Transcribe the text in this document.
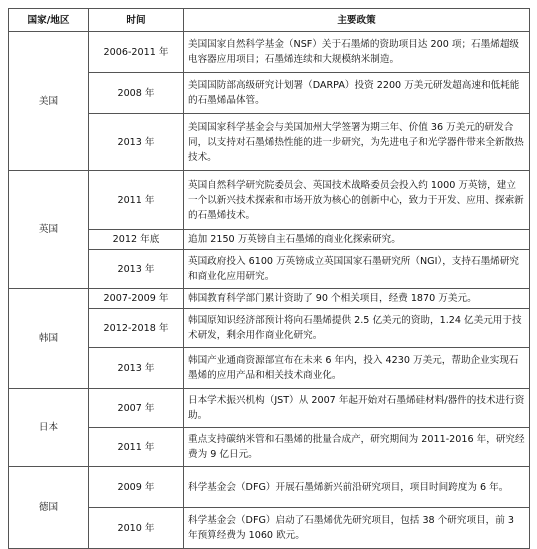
国家/地区	时间	主要政策
美国	2006-2011 年	美国国家自然科学基金（NSF）关于石墨烯的资助项目达 200 项；石墨烯超级电容器应用项目；石墨烯连续和大规模纳米制造。
	2008 年	美国国防部高级研究计划署（DARPA）投资 2200 万美元研发超高速和低耗能的石墨烯晶体管。
	2013 年	美国国家科学基金会与美国加州大学签署为期三年、价值 36 万美元的研发合同，以支持对石墨烯热性能的进一步研究，为先进电子和光学器件带来全新散热技术。
英国	2011 年	英国自然科学研究院委员会、英国技术战略委员会投入约 1000 万英镑，建立一个以新兴技术探索和市场开放为核心的创新中心，致力于开发、应用、探索新的石墨烯技术。
	2012 年底	追加 2150 万英镑自主石墨烯的商业化探索研究。
	2013 年	英国政府投入 6100 万英镑成立英国国家石墨研究所（NGI），支持石墨烯研究和商业化应用研究。
韩国	2007-2009 年	韩国教育科学部门累计资助了 90 个相关项目，经费 1870 万美元。
	2012-2018 年	韩国原知识经济部预计将向石墨烯提供 2.5 亿美元的资助，1.24 亿美元用于技术研发，剩余用作商业化研究。
	2013 年	韩国产业通商资源部宣布在未来 6 年内，投入 4230 万美元，帮助企业实现石墨烯的应用产品和相关技术商业化。
日本	2007 年	日本学术振兴机构（JST）从 2007 年起开始对石墨烯硅材料/器件的技术进行资助。
	2011 年	重点支持碳纳米管和石墨烯的批量合成产，研究期间为 2011-2016 年，研究经费为 9 亿日元。
德国	2009 年	科学基金会（DFG）开展石墨烯新兴前沿研究项目，项目时间跨度为 6 年。
	2010 年	科学基金会（DFG）启动了石墨烯优先研究项目，包括 38 个研究项目，前 3 年预算经费为 1060 欧元。
